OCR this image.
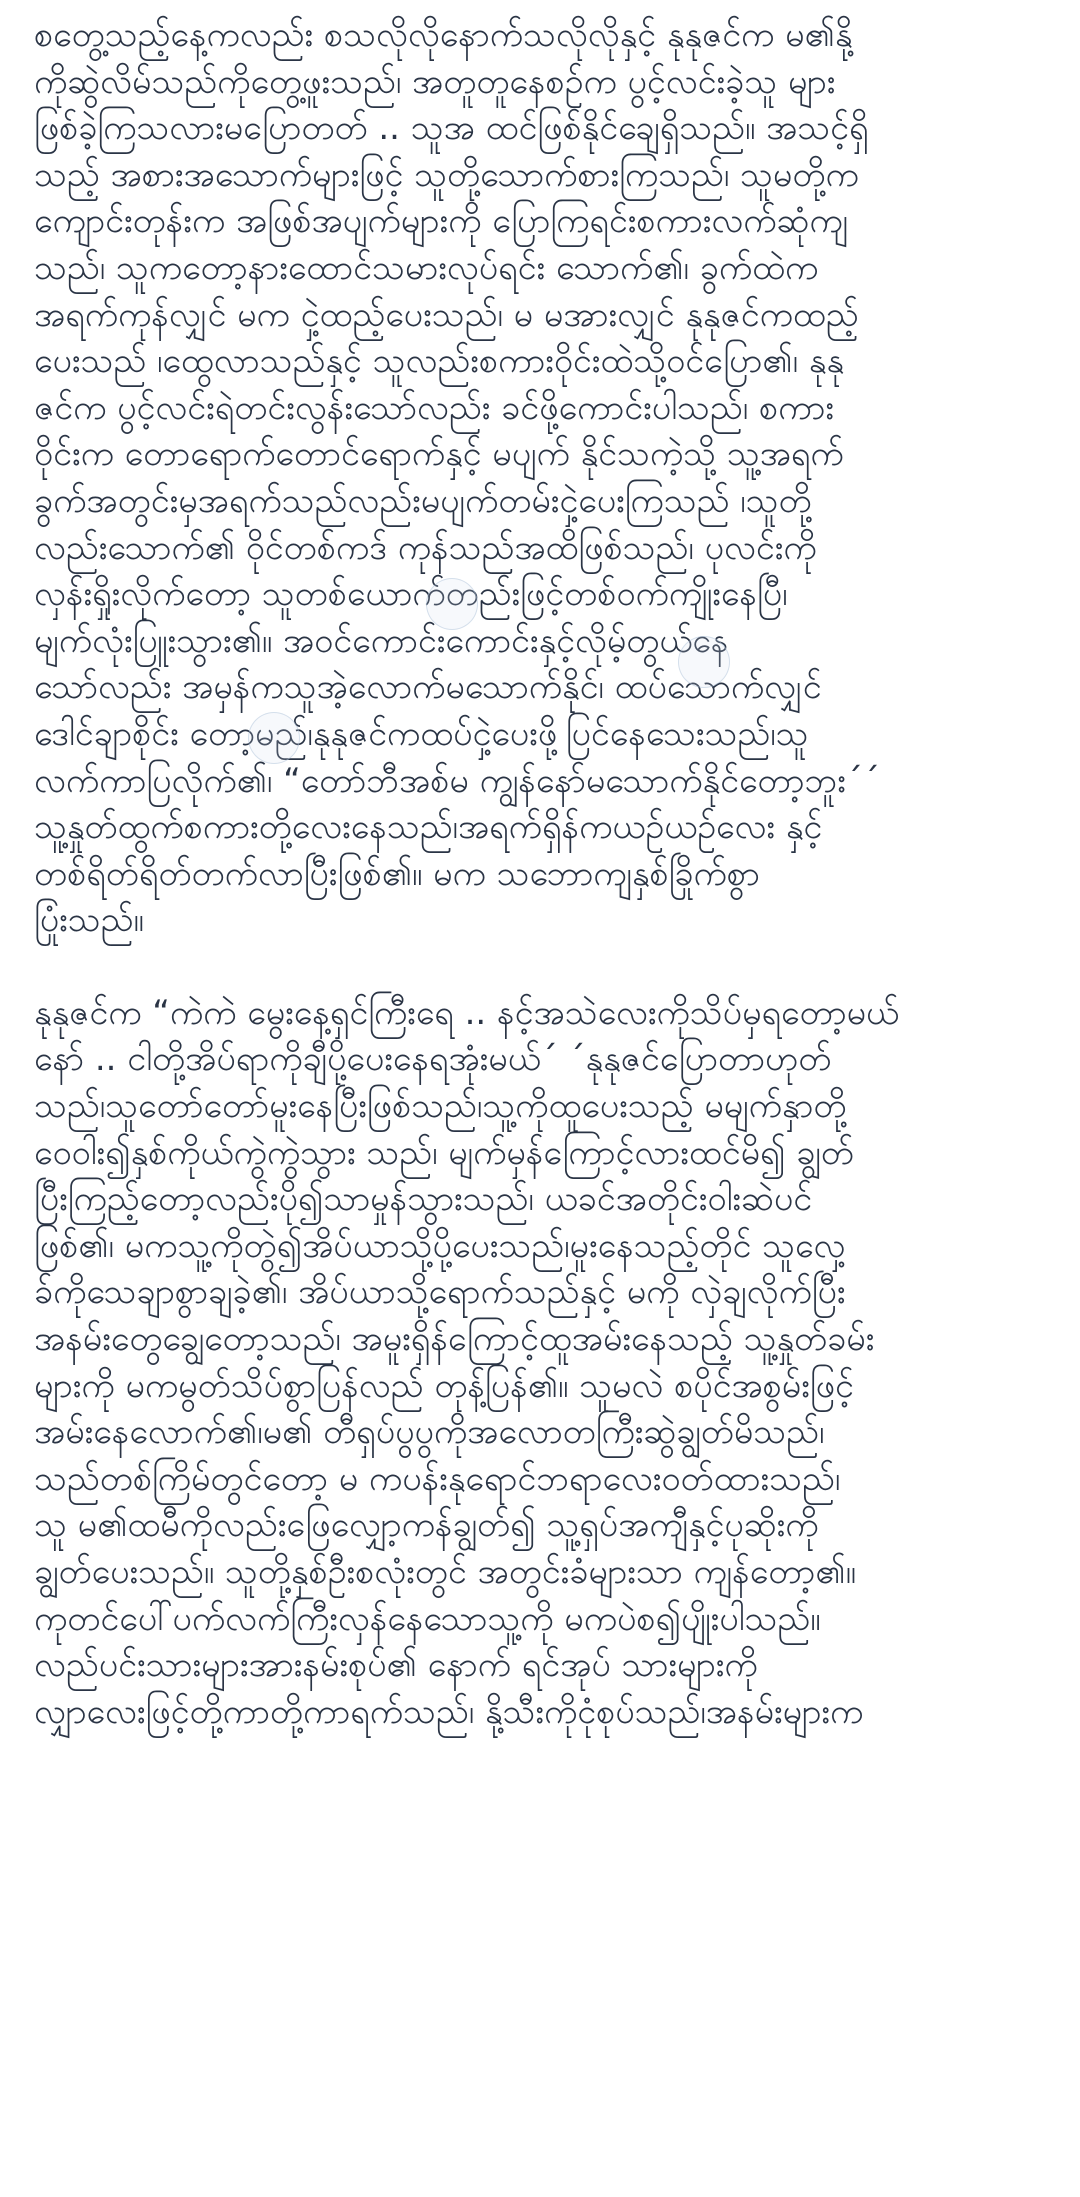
စတွေ့သည့်နေ့ကလည်း စသလိုလိုနောက်သလိုလိုနှင့် နုနုဇင်က မ၏နို့
ကိုဆွဲလိမ်သည်ကိုတွေ့ဖူးသည်၊ အတူတူနေစဉ်က ပွင့်လင်းခဲ့သူ များ
ဖြစ်ခဲ့ကြသလားမပြောတတ် .. သူအ ထင်ဖြစ်နိုင်ချေရှိသည်။ အသင့်ရှိ
သည့် အစားအသောက်များဖြင့် သူတို့သောက်စားကြသည်၊ သူမတို့က
ကျောင်းတုန်းက အဖြစ်အပျက်များကို ပြောကြရင်းစကားလက်ဆုံကျ
သည်၊ သူကတော့နားထောင်သမားလုပ်ရင်း သောက်၏၊ ခွက်ထဲက
အရက်ကုန်လျှင် မက ငှဲ့ထည့်ပေးသည်၊ မ မအားလျှင် နုနုဇင်ကထည့်
ပေးသည် ၊ထွေလာသည်နှင့် သူလည်းစကားဝိုင်းထဲသို့ဝင်ပြော၏၊ နုနု
ဇင်က ပွင့်လင်းရဲတင်းလွန်းသော်လည်း ခင်ဖို့ကောင်းပါသည်၊ စကား
ဝိုင်းက တောရောက်တောင်ရောက်နှင့် မပျက် နိုင်သကဲ့သို့ သူ့အရက်
ခွက်အတွင်းမှအရက်သည်လည်းမပျက်တမ်းငှဲ့ပေးကြသည် ၊သူတို့
လည်းသောက်၏ ဝိုင်တစ်ကဒ် ကုန်သည်အထိဖြစ်သည်၊ ပုလင်းကို
လှန်းရှိုးလိုက်တော့ သူတစ်ယောက်တည်းဖြင့်တစ်ဝက်ကျိုးနေပြီ၊
မျက်လုံးပြူးသွား၏။ အဝင်ကောင်းကောင်းနှင့်လိုမ့်တွယ်နေ
သော်လည်း အမှန်ကသူအဲ့လောက်မသောက်နိုင်၊ ထပ်သောက်လျှင်
ဒေါင်ချာစိုင်း တော့မည်၊နုနုဇင်ကထပ်ငှဲ့ပေးဖို့ပြင်နေသေးသည်၊သူ
လက်ကာပြလိုက်၏၊ “တော်ဘီအစ်မ ကျွန်နော်မသောက်နိုင်တော့ဘူး´´
သူ့နှုတ်ထွက်စကားတို့လေးနေသည်၊အရက်ရှိန်ကယဉ်ယဉ်လေး နှင့်
တစ်ရိတ်ရိတ်တက်လာပြီးဖြစ်၏။ မက သဘောကျနှစ်ခြိုက်စွာ
ပြုံးသည်။
နုနုဇင်က “ကဲကဲ မွေးနေ့ရှင်ကြီးရေ .. နင့်အသဲလေးကိုသိပ်မှရတော့မယ်
နော် .. ငါတို့အိပ်ရာကိုချီပို့ပေးနေရအုံးမယ်´ ´နုနုဇင်ပြောတာဟုတ်
သည်၊သူတော်တော်မူးနေပြီးဖြစ်သည်၊သူ့ကိုထူပေးသည့် မမျက်နှာတို့
ဝေဝါး၍နှစ်ကိုယ်ကွဲကွဲသွား သည်၊ မျက်မှန်ကြောင့်လားထင်မိ၍ ချွတ်
ပြီးကြည့်တော့လည်းပို၍သာမှုန်သွားသည်၊ ယခင်အတိုင်းဝါးဆဲပင်
ဖြစ်၏၊ မကသူ့ကိုတွဲ၍အိပ်ယာသို့ပို့ပေးသည်၊မူးနေသည့်တိုင် သူလှေ့
ခ်ကိုသေချာစွာချခဲ့၏၊ အိပ်ယာသို့ရောက်သည်နှင့် မကို လှဲချလိုက်ပြီး
အနမ်းတွေချွေတော့သည်၊ အမူးရှိန်ကြောင့်ထူအမ်းနေသည့် သူ့နှုတ်ခမ်း
များကို မကမွတ်သိပ်စွာပြန်လည် တုန့်ပြန်၏။ သူမလဲ စပိုင်အစွမ်းဖြင့်
အမ်းနေလောက်၏၊မ၏ တီရှပ်ပွပွကိုအလောတကြီးဆွဲချွတ်မိသည်၊
သည်တစ်ကြိမ်တွင်တော့ မ ကပန်းနုရောင်ဘရာလေးဝတ်ထားသည်၊
သူ မ၏ထမီကိုလည်းဖြေလျှော့ကန်ချွတ်၍ သူ့ရှပ်အကျီနှင့်ပုဆိုးကို
ချွတ်ပေးသည်။ သူတို့နှစ်ဦးစလုံးတွင် အတွင်းခံများသာ ကျန်တော့၏။
ကုတင်ပေါ်ပက်လက်ကြီးလှန်နေသောသူ့ကို မကပဲစ၍ပျိုးပါသည်။
လည်ပင်းသားများအားနမ်းစုပ်၏ နောက် ရင်အုပ် သားများကို
လျှာလေးဖြင့်တို့ကာတို့ကာရက်သည်၊ နို့သီးကိုငုံစုပ်သည်၊အနမ်းများက
